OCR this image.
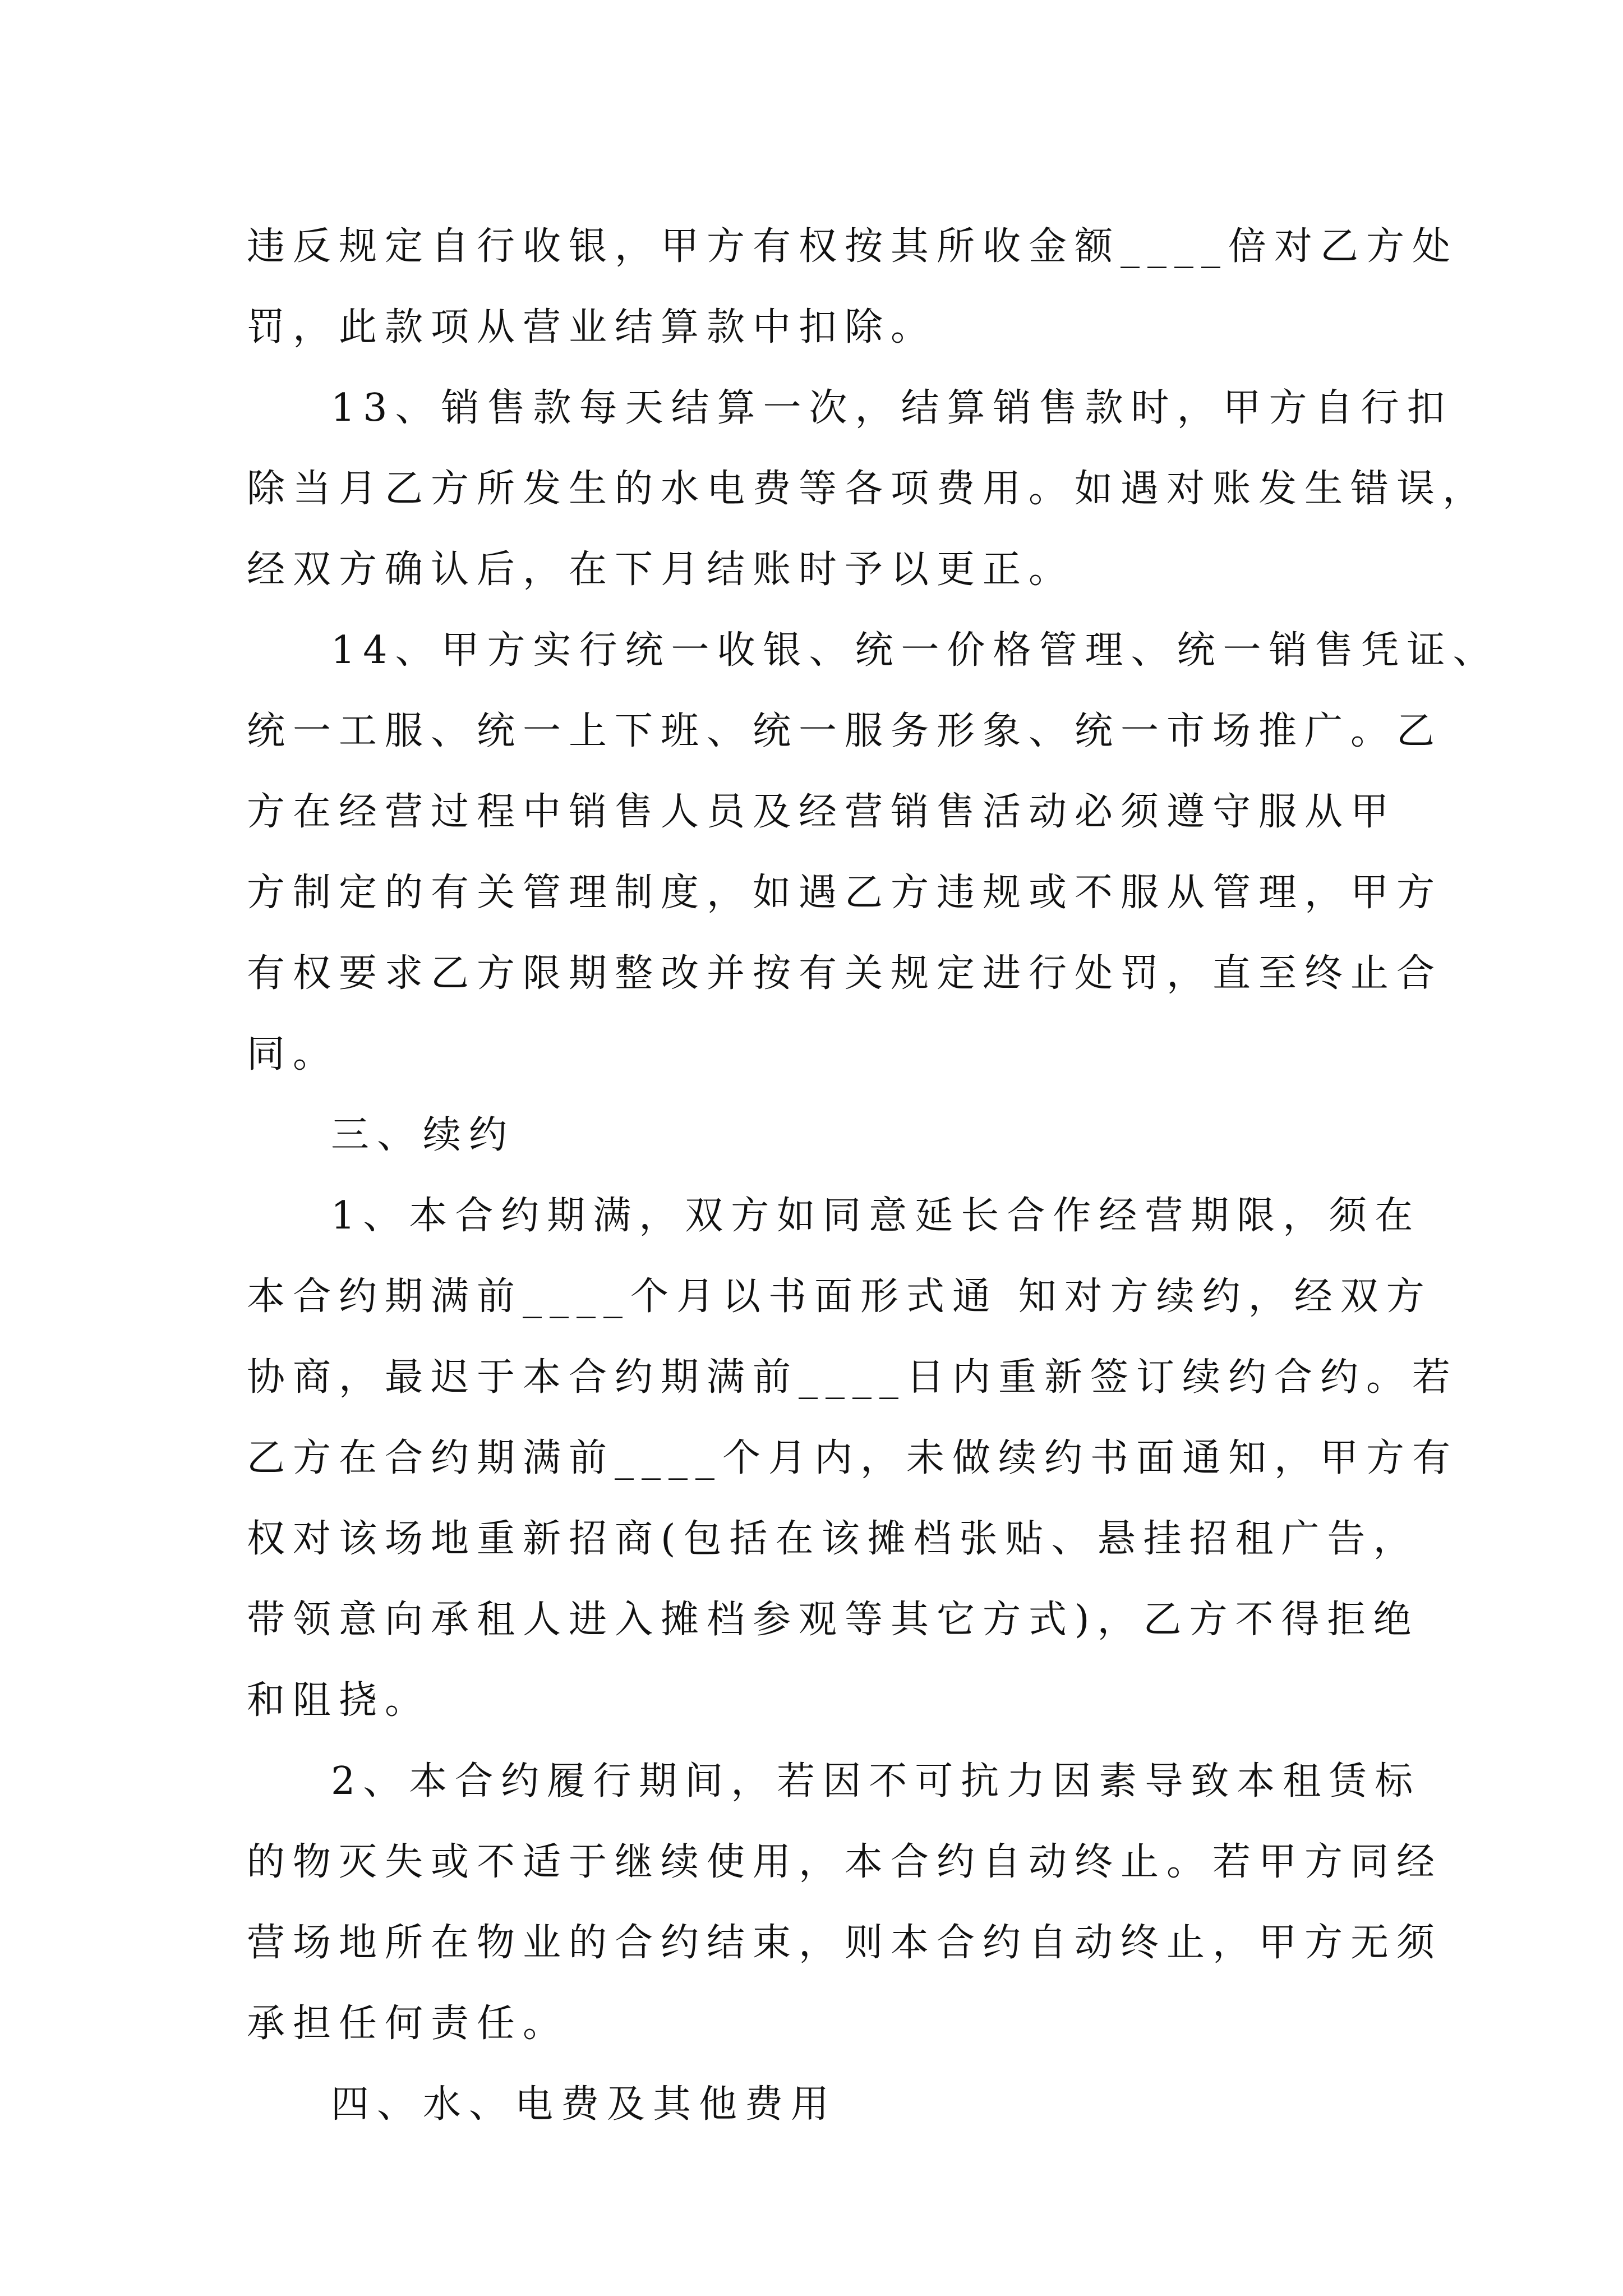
违反规定自行收银，甲方有权按其所收金额____倍对乙方处
罚，此款项从营业结算款中扣除。
13、销售款每天结算一次，结算销售款时，甲方自行扣
除当月乙方所发生的水电费等各项费用。如遇对账发生错误，
经双方确认后，在下月结账时予以更正。
14、甲方实行统一收银、统一价格管理、统一销售凭证、
统一工服、统一上下班、统一服务形象、统一市场推广。乙
方在经营过程中销售人员及经营销售活动必须遵守服从甲
方制定的有关管理制度，如遇乙方违规或不服从管理，甲方
有权要求乙方限期整改并按有关规定进行处罚，直至终止合
同。
三、续约
1、本合约期满，双方如同意延长合作经营期限，须在
本合约期满前____个月以书面形式通 知对方续约，经双方
协商，最迟于本合约期满前____日内重新签订续约合约。若
乙方在合约期满前____个月内，未做续约书面通知，甲方有
权对该场地重新招商(包括在该摊档张贴、悬挂招租广告，
带领意向承租人进入摊档参观等其它方式)，乙方不得拒绝
和阻挠。
2、本合约履行期间，若因不可抗力因素导致本租赁标
的物灭失或不适于继续使用，本合约自动终止。若甲方同经
营场地所在物业的合约结束，则本合约自动终止，甲方无须
承担任何责任。
四、水、电费及其他费用
